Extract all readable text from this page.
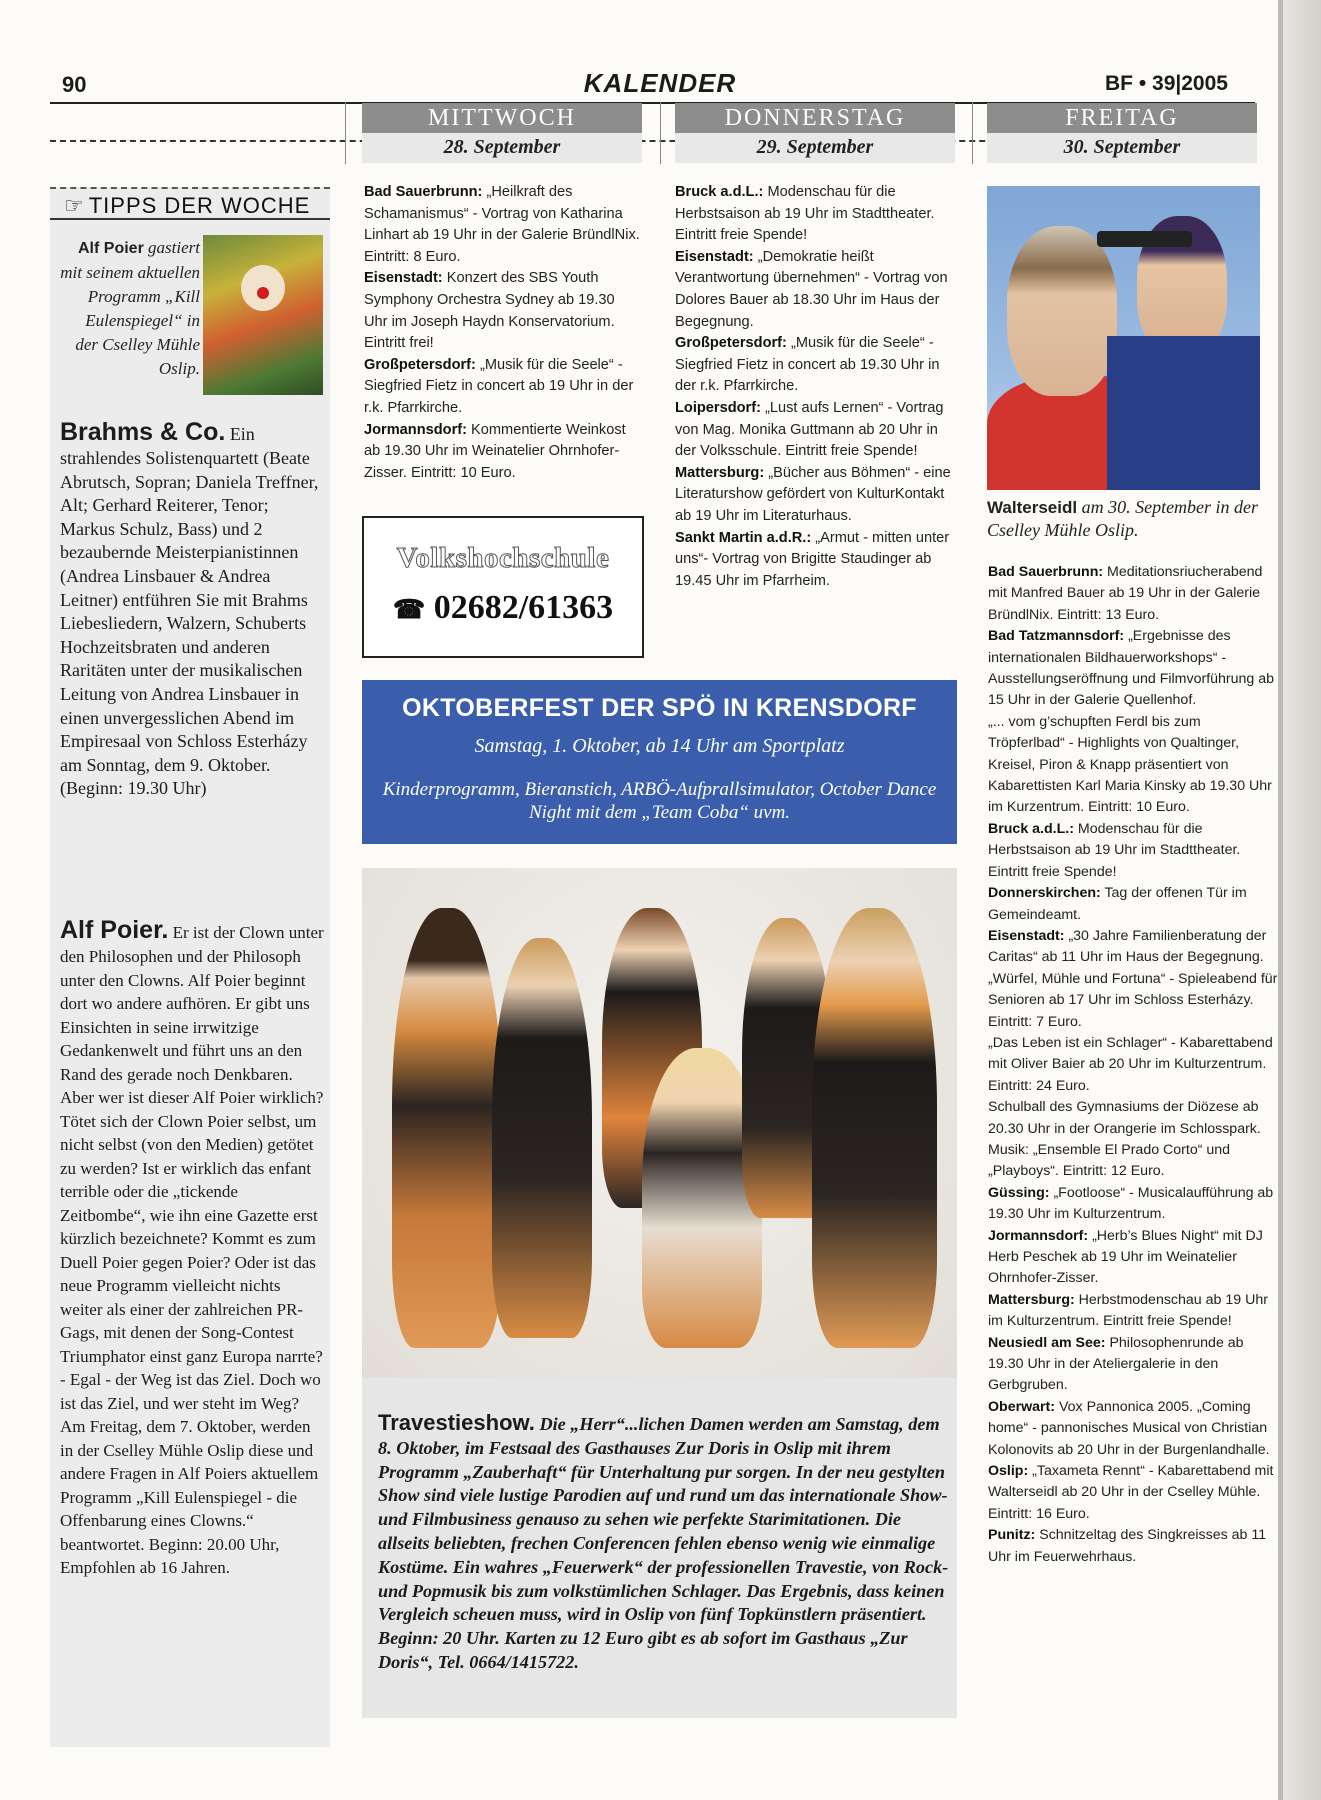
90	KALENDER	BF • 39|2005
MITTWOCH
28. September
DONNERSTAG
29. September
FREITAG
30. September
☞ TIPPS DER WOCHE
Alf Poier gastiert mit seinem aktuellen Programm „Kill Eulenspiegel“ in der Cselley Mühle Oslip.
Brahms & Co. Ein strahlendes Solistenquartett (Beate Abrutsch, Sopran; Daniela Treffner, Alt; Gerhard Reiterer, Tenor; Markus Schulz, Bass) und 2 bezaubernde Meisterpianistinnen (Andrea Linsbauer & Andrea Leitner) entführen Sie mit Brahms Liebesliedern, Walzern, Schuberts Hochzeitsbraten und anderen Raritäten unter der musikalischen Leitung von Andrea Linsbauer in einen unvergesslichen Abend im Empiresaal von Schloss Esterházy am Sonntag, dem 9. Oktober. (Beginn: 19.30 Uhr)
Alf Poier. Er ist der Clown unter den Philosophen und der Philosoph unter den Clowns. Alf Poier beginnt dort wo andere aufhören. Er gibt uns Einsichten in seine irrwitzige Gedankenwelt und führt uns an den Rand des gerade noch Denkbaren. Aber wer ist dieser Alf Poier wirklich? Tötet sich der Clown Poier selbst, um nicht selbst (von den Medien) getötet zu werden? Ist er wirklich das enfant terrible oder die „tickende Zeitbombe“, wie ihn eine Gazette erst kürzlich bezeichnete? Kommt es zum Duell Poier gegen Poier? Oder ist das neue Programm vielleicht nichts weiter als einer der zahlreichen PR-Gags, mit denen der Song-Contest Triumphator einst ganz Europa narrte? - Egal - der Weg ist das Ziel. Doch wo ist das Ziel, und wer steht im Weg? Am Freitag, dem 7. Oktober, werden in der Cselley Mühle Oslip diese und andere Fragen in Alf Poiers aktuellem Programm „Kill Eulenspiegel - die Offenbarung eines Clowns.“ beantwortet. Beginn: 20.00 Uhr, Empfohlen ab 16 Jahren.

Bad Sauerbrunn: „Heilkraft des Schamanismus“ - Vortrag von Katharina Linhart ab 19 Uhr in der Galerie BründlNix. Eintritt: 8 Euro.

Eisenstadt: Konzert des SBS Youth Symphony Orchestra Sydney ab 19.30 Uhr im Joseph Haydn Konservatorium. Eintritt frei!

Großpetersdorf: „Musik für die Seele“ - Siegfried Fietz in concert ab 19 Uhr in der r.k. Pfarrkirche.

Jormannsdorf: Kommentierte Weinkost ab 19.30 Uhr im Weinatelier Ohrnhofer-Zisser. Eintritt: 10 Euro.

Volkshochschule
☎ 02682/61363

Bruck a.d.L.: Modenschau für die Herbstsaison ab 19 Uhr im Stadttheater. Eintritt freie Spende!

Eisenstadt: „Demokratie heißt Verantwortung übernehmen“ - Vortrag von Dolores Bauer ab 18.30 Uhr im Haus der Begegnung.

Großpetersdorf: „Musik für die Seele“ - Siegfried Fietz in concert ab 19.30 Uhr in der r.k. Pfarrkirche.

Loipersdorf: „Lust aufs Lernen“ - Vortrag von Mag. Monika Guttmann ab 20 Uhr in der Volksschule. Eintritt freie Spende!

Mattersburg: „Bücher aus Böhmen“ - eine Literaturshow gefördert von KulturKontakt ab 19 Uhr im Literaturhaus.

Sankt Martin a.d.R.: „Armut - mitten unter uns“- Vortrag von Brigitte Staudinger ab 19.45 Uhr im Pfarrheim.

OKTOBERFEST DER SPÖ IN KRENSDORF
Samstag, 1. Oktober, ab 14 Uhr am Sportplatz
Kinderprogramm, Bieranstich, ARBÖ-Aufprallsimulator, October Dance Night mit dem „Team Coba“ uvm.
Travestieshow. Die „Herr“...lichen Damen werden am Samstag, dem 8. Oktober, im Festsaal des Gasthauses Zur Doris in Oslip mit ihrem Programm „Zauberhaft“ für Unterhaltung pur sorgen. In der neu gestylten Show sind viele lustige Parodien auf und rund um das internationale Show- und Filmbusiness genauso zu sehen wie perfekte Starimitationen. Die allseits beliebten, frechen Conferencen fehlen ebenso wenig wie einmalige Kostüme. Ein wahres „Feuerwerk“ der professionellen Travestie, von Rock- und Popmusik bis zum volkstümlichen Schlager. Das Ergebnis, dass keinen Vergleich scheuen muss, wird in Oslip von fünf Topkünstlern präsentiert. Beginn: 20 Uhr. Karten zu 12 Euro gibt es ab sofort im Gasthaus „Zur Doris“, Tel. 0664/1415722.
Walterseidl am 30. September in der Cselley Mühle Oslip.

Bad Sauerbrunn: Meditationsriucherabend mit Manfred Bauer ab 19 Uhr in der Galerie BründlNix. Eintritt: 13 Euro.

Bad Tatzmannsdorf: „Ergebnisse des internationalen Bildhauerworkshops“ - Ausstellungseröffnung und Filmvorführung ab 15 Uhr in der Galerie Quellenhof.

„... vom g’schupften Ferdl bis zum Tröpferlbad“ - Highlights von Qualtinger, Kreisel, Piron & Knapp präsentiert von Kabarettisten Karl Maria Kinsky ab 19.30 Uhr im Kurzentrum. Eintritt: 10 Euro.

Bruck a.d.L.: Modenschau für die Herbstsaison ab 19 Uhr im Stadttheater. Eintritt freie Spende!

Donnerskirchen: Tag der offenen Tür im Gemeindeamt.

Eisenstadt: „30 Jahre Familienberatung der Caritas“ ab 11 Uhr im Haus der Begegnung.

„Würfel, Mühle und Fortuna“ - Spieleabend für Senioren ab 17 Uhr im Schloss Esterházy. Eintritt: 7 Euro.

„Das Leben ist ein Schlager“ - Kabarettabend mit Oliver Baier ab 20 Uhr im Kulturzentrum. Eintritt: 24 Euro.

Schulball des Gymnasiums der Diözese ab 20.30 Uhr in der Orangerie im Schlosspark. Musik: „Ensemble El Prado Corto“ und „Playboys“. Eintritt: 12 Euro.

Güssing: „Footloose“ - Musicalaufführung ab 19.30 Uhr im Kulturzentrum.

Jormannsdorf: „Herb’s Blues Night“ mit DJ Herb Peschek ab 19 Uhr im Weinatelier Ohrnhofer-Zisser.

Mattersburg: Herbstmodenschau ab 19 Uhr im Kulturzentrum. Eintritt freie Spende!

Neusiedl am See: Philosophenrunde ab 19.30 Uhr in der Ateliergalerie in den Gerbgruben.

Oberwart: Vox Pannonica 2005. „Coming home“ - pannonisches Musical von Christian Kolonovits ab 20 Uhr in der Burgenlandhalle.

Oslip: „Taxameta Rennt“ - Kabarettabend mit Walterseidl ab 20 Uhr in der Cselley Mühle. Eintritt: 16 Euro.

Punitz: Schnitzeltag des Singkreisses ab 11 Uhr im Feuerwehrhaus.
